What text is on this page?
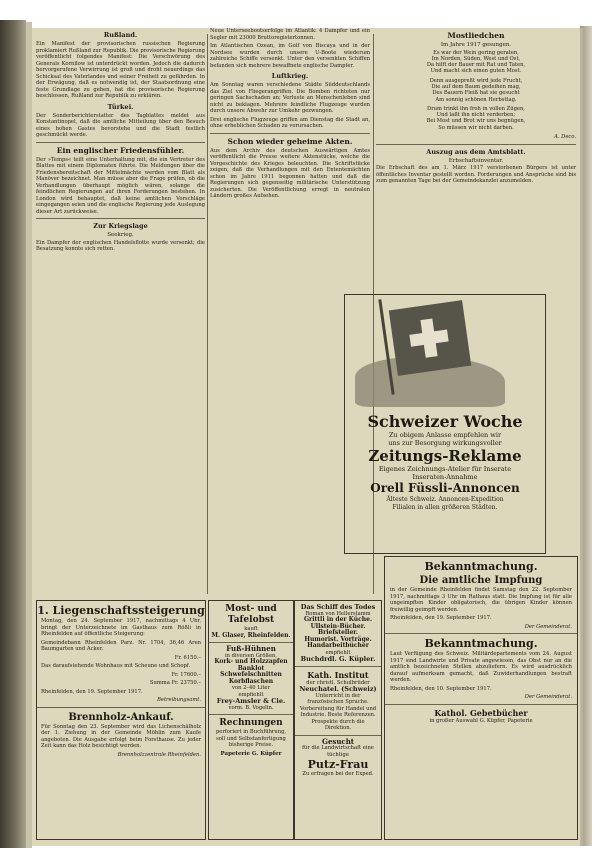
Rußland.
Ein Manifest der provisorischen russischen Regierung proklamiert Rußland zur Republik. Die provisorische Regierung veröffentlicht folgendes Manifest: Die Verschwörung des Generals Kornilow ist unterdrückt worden. Jedoch die dadurch hervorgerufene Verwirrung ist groß und droht neuerdings das Schicksal des Vaterlandes und seiner Freiheit zu gefährden. In der Erwägung, daß es notwendig ist, der Staatsordnung eine feste Grundlage zu geben, hat die provisorische Regierung beschlossen, Rußland zur Republik zu erklären.
Türkei.
Der Sonderberichterstatter des Tagblattes meldet aus Konstantinopel, daß die amtliche Mitteilung über den Besuch eines hohen Gastes bevorstehe und die Stadt festlich geschmückt werde.
Ein englischer Friedensfühler.
Der »Temps« teilt eine Unterhaltung mit, die ein Vertreter des Blattes mit einem Diplomaten führte. Die Meldungen über die Friedensbereitschaft der Mittelmächte werden vom Blatt als Manöver bezeichnet. Man müsse aber die Frage prüfen, ob die Verhandlungen überhaupt möglich wären, solange die feindlichen Regierungen auf ihren Forderungen bestehen. In London wird behauptet, daß keine amtlichen Vorschläge eingegangen seien und die englische Regierung jede Auslegung dieser Art zurückweise.
Zur Kriegslage
Seekrieg.
Ein Dampfer der englischen Handelsflotte wurde versenkt; die Besatzung konnte sich retten.
Neue Unterseebootserfolge im Atlantik: 4 Dampfer und ein Segler mit 23000 Bruttoregistertonnen.
Im Atlantischen Ozean, im Golf von Biscaya und in der Nordsee wurden durch unsere U-Boote wiederum zahlreiche Schiffe versenkt. Unter den versenkten Schiffen befanden sich mehrere bewaffnete englische Dampfer.
Luftkrieg.
Am Sonntag waren verschiedene Städte Süddeutschlands das Ziel von Fliegerangriffen. Die Bomben richteten nur geringen Sachschaden an; Verluste an Menschenleben sind nicht zu beklagen. Mehrere feindliche Flugzeuge wurden durch unsere Abwehr zur Umkehr gezwungen.
Drei englische Flugzeuge griffen am Dienstag die Stadt an, ohne erheblichen Schaden zu verursachen.
Schon wieder geheime Akten.
Aus dem Archiv des deutschen Auswärtigen Amtes veröffentlicht die Presse weitere Aktenstücke, welche die Vorgeschichte des Krieges beleuchten. Die Schriftstücke zeigen, daß die Verhandlungen mit den Ententemächten schon im Jahre 1911 begonnen hatten und daß die Regierungen sich gegenseitig militärische Unterstützung zusicherten. Die Veröffentlichung erregt in neutralen Ländern großes Aufsehen.
Mostliedchen
Im Jahre 1917 gesungen.
Es war der Wein gering geraten,
Im Norden, Süden, West und Ost,
Da hilft der Bauer mit Rat und Taten,
Und macht sich einen guten Most.
Denn ausgepreßt wird jede Frucht,
Die auf dem Baum gedeihen mag,
Des Bauern Fleiß hat sie gesucht
Am sonnig schönen Herbsttag.
Drum trinkt ihn froh in vollen Zügen,
Und laßt ihn nicht verderben;
Bei Most und Brot wir uns begnügen,
So müssen wir nicht darben.
A. Deco.
Auszug aus dem Amtsblatt.
Erbschaftsinventar.
Die Erbschaft des am 1. März 1917 verstorbenen Bürgers ist unter öffentliches Inventar gestellt worden. Forderungen und Ansprüche sind bis zum genannten Tage bei der Gemeindekanzlei anzumelden.
Schweizer Woche
Zu obigem Anlasse empfehlen wir
uns zur Besorgung wirkungsvoller
Zeitungs-Reklame
Eigenes Zeichnungs-Atelier für Inserate
Inseraten-Annahme
Orell Füssli-Annoncen
Älteste Schweiz. Annoncen-Expedition
Filialen in allen größeren Städten.
1. Liegenschaftssteigerung
Montag, den 24. September 1917, nachmittags 4 Uhr, bringt der Unterzeichnete im Gasthaus zum Rößli in Rheinfelden auf öffentliche Steigerung:
Gemeindebann Rheinfelden Parz. Nr. 1704, 36,46 Aren Baumgarten und Acker.
Fr. 6150.–
Das daraufstehende Wohnhaus mit Scheune und Schopf.
Fr. 17600.–
Summa Fr. 23750.–
Rheinfelden, den 19. September 1917.
Betreibungsamt.
Brennholz-Ankauf.
Für Sonntag den 23. September wird das Lichenschälholz der 1. Ziehung in der Gemeinde Möhlin zum Kaufe angeboten. Die Ausgabe erfolgt beim Forsthause. Zu jeder Zeit kann das Holz besichtigt werden.
Brennholzzentrale Rheinfelden.
Most- und Tafelobst
kauft
M. Glaser, Rheinfelden.
Fuß-Hühnen
in diversen Größen,
Kork- und Holzzapfen
Banklot
Schwefelschnitten
Korbflaschen
von 2–40 Liter
empfiehlt
Frey-Amsler & Cie.
vorm. B. Vogelin.
Rechnungen
perforiert in Buchführung, soll und Selbstanfertigung bisherige Preise.
Papeterie G. Küpfer
Das Schiff des Todes
Roman von Hellerstamm
Grittli in der Küche.
Ullstein-Bücher.
Briefsteller.
Humorist. Vorträge.
Handarbeitbücher
empfiehlt
Buchdrdl. G. Küpler.
Kath. Institut
der christl. Schulbrüder
Neuchatel. (Schweiz)
Unterricht in der französischen Sprache. Vorbereitung für Handel und Industrie. Beste Referenzen. Prospekte durch die Direktion.
Gesucht
für die Landwirtschaft eine tüchtige
Putz-Frau
Zu erfragen bei der Exped.
Bekanntmachung.
Die amtliche Impfung
in der Gemeinde Rheinfelden findet Samstag den 22. September 1917, nachmittags 3 Uhr im Rathaus statt. Die Impfung ist für alle ungeimpften Kinder obligatorisch, die übrigen Kinder können freiwillig geimpft werden.
Rheinfelden, den 19. September 1917.
Der Gemeinderat.
Bekanntmachung.
Laut Verfügung des Schweiz. Militärdepartements vom 24. August 1917 sind Landwirte und Private angewiesen, das Obst nur an die amtlich bezeichneten Stellen abzuliefern. Es wird ausdrücklich darauf aufmerksam gemacht, daß Zuwiderhandlungen bestraft werden.
Rheinfelden, den 10. September 1917.
Der Gemeinderat.
Kathol. Gebetbücher
in großer Auswahl G. Küpfer, Papeterie
